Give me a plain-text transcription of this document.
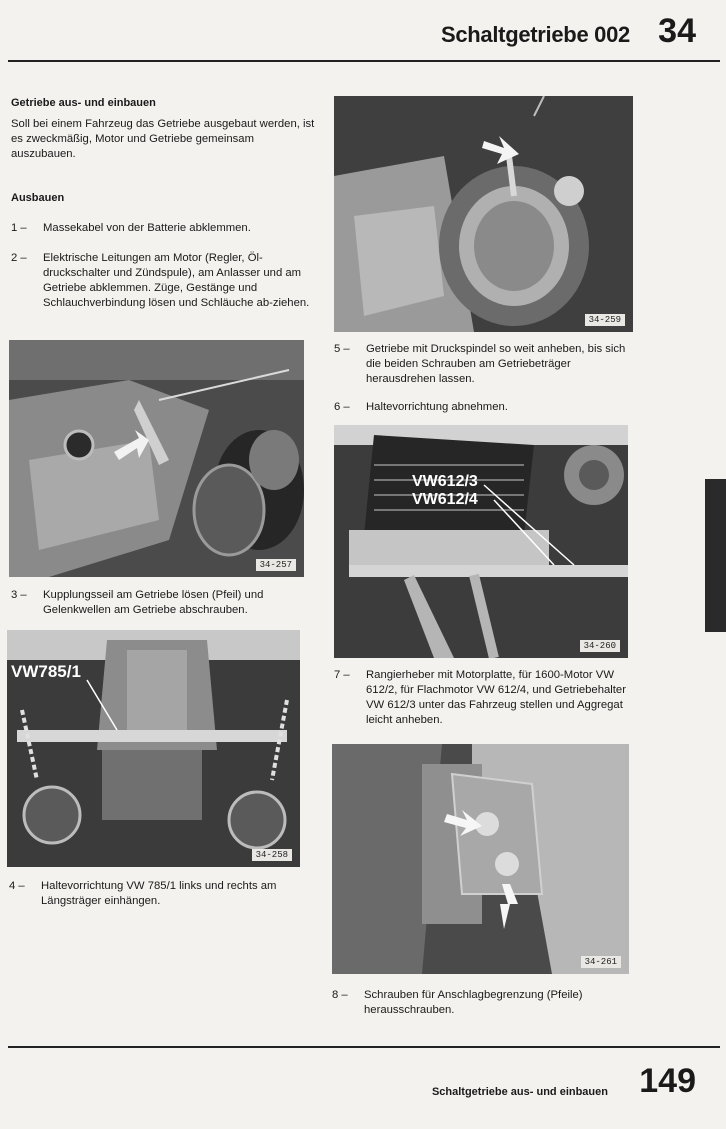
Schaltgetriebe 002 34
Getriebe aus- und einbauen
Soll bei einem Fahrzeug das Getriebe ausgebaut werden, ist es zweckmäßig, Motor und Getriebe gemeinsam auszubauen.
Ausbauen
1 – Massekabel von der Batterie abklemmen.
2 – Elektrische Leitungen am Motor (Regler, Öl-druckschalter und Zündspule), am Anlasser und am Getriebe abklemmen. Züge, Gestänge und Schlauchverbindung lösen und Schläuche ab-ziehen.
34-257
3 – Kupplungsseil am Getriebe lösen (Pfeil) und Gelenkwellen am Getriebe abschrauben.
VW785/1
34-258
4 – Haltevorrichtung VW 785/1 links und rechts am Längsträger einhängen.
34-259
5 – Getriebe mit Druckspindel so weit anheben, bis sich die beiden Schrauben am Getriebeträger herausdrehen lassen.
6 – Haltevorrichtung abnehmen.
VW612/3
VW612/4
34-260
7 – Rangierheber mit Motorplatte, für 1600-Motor VW 612/2, für Flachmotor VW 612/4, und Getriebehalter VW 612/3 unter das Fahrzeug stellen und Aggregat leicht anheben.
34-261
8 – Schrauben für Anschlagbegrenzung (Pfeile) herausschrauben.
Schaltgetriebe aus- und einbauen 149
